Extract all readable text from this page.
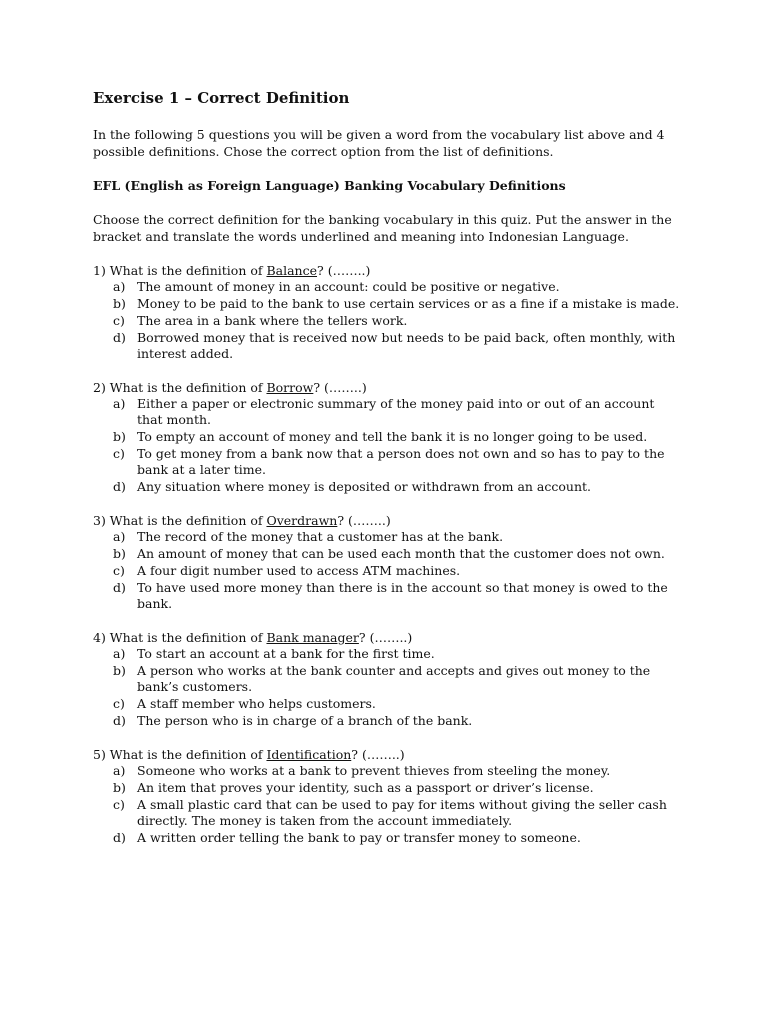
Exercise 1 – Correct Definition
In the following 5 questions you will be given a word from the vocabulary list above and 4 possible definitions. Chose the correct option from the list of definitions.
EFL (English as Foreign Language) Banking Vocabulary Definitions
Choose the correct definition for the banking vocabulary in this quiz. Put the answer in the bracket and translate the words underlined and meaning into Indonesian Language.
1) What is the definition of Balance? (……..)
a) The amount of money in an account: could be positive or negative.
b) Money to be paid to the bank to use certain services or as a fine if a mistake is made.
c) The area in a bank where the tellers work.
d) Borrowed money that is received now but needs to be paid back, often monthly, with interest added.
2) What is the definition of Borrow? (……..)
a) Either a paper or electronic summary of the money paid into or out of an account that month.
b) To empty an account of money and tell the bank it is no longer going to be used.
c) To get money from a bank now that a person does not own and so has to pay to the bank at a later time.
d) Any situation where money is deposited or withdrawn from an account.
3) What is the definition of Overdrawn? (……..)
a) The record of the money that a customer has at the bank.
b) An amount of money that can be used each month that the customer does not own.
c) A four digit number used to access ATM machines.
d) To have used more money than there is in the account so that money is owed to the bank.
4) What is the definition of Bank manager? (……..)
a) To start an account at a bank for the first time.
b) A person who works at the bank counter and accepts and gives out money to the bank’s customers.
c) A staff member who helps customers.
d) The person who is in charge of a branch of the bank.
5) What is the definition of Identification? (……..)
a) Someone who works at a bank to prevent thieves from steeling the money.
b) An item that proves your identity, such as a passport or driver’s license.
c) A small plastic card that can be used to pay for items without giving the seller cash directly. The money is taken from the account immediately.
d) A written order telling the bank to pay or transfer money to someone.
